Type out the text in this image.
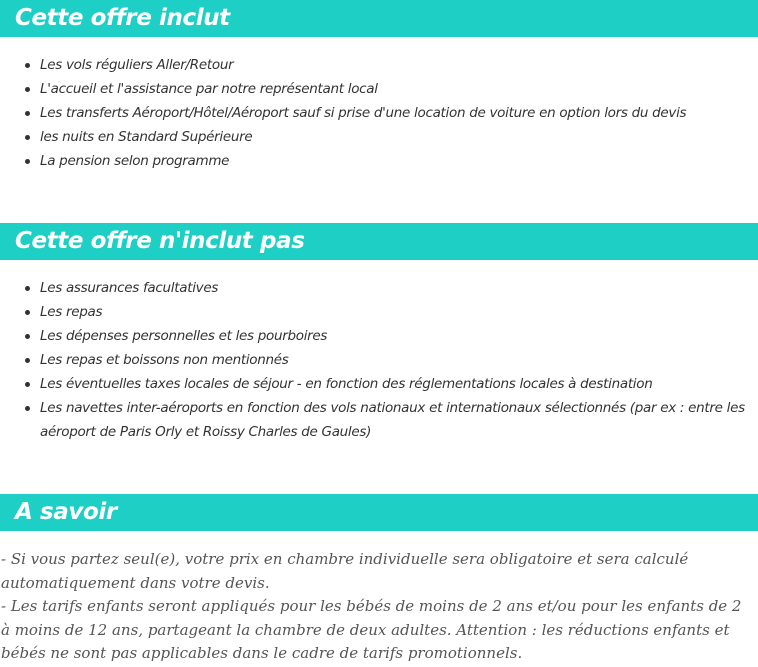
Cette offre inclut
Les vols réguliers Aller/Retour
L'accueil et l'assistance par notre représentant local
Les transferts Aéroport/Hôtel/Aéroport sauf si prise d'une location de voiture en option lors du devis
les nuits en Standard Supérieure
La pension selon programme
Cette offre n'inclut pas
Les assurances facultatives
Les repas
Les dépenses personnelles et les pourboires
Les repas et boissons non mentionnés
Les éventuelles taxes locales de séjour - en fonction des réglementations locales à destination
Les navettes inter-aéroports en fonction des vols nationaux et internationaux sélectionnés (par ex : entre les aéroport de Paris Orly et Roissy Charles de Gaules)
A savoir

- Si vous partez seul(e), votre prix en chambre individuelle sera obligatoire et sera calculé automatiquement dans votre devis.

- Les tarifs enfants seront appliqués pour les bébés de moins de 2 ans et/ou pour les enfants de 2 à moins de 12 ans, partageant la chambre de deux adultes. Attention : les réductions enfants et bébés ne sont pas applicables dans le cadre de tarifs promotionnels.
